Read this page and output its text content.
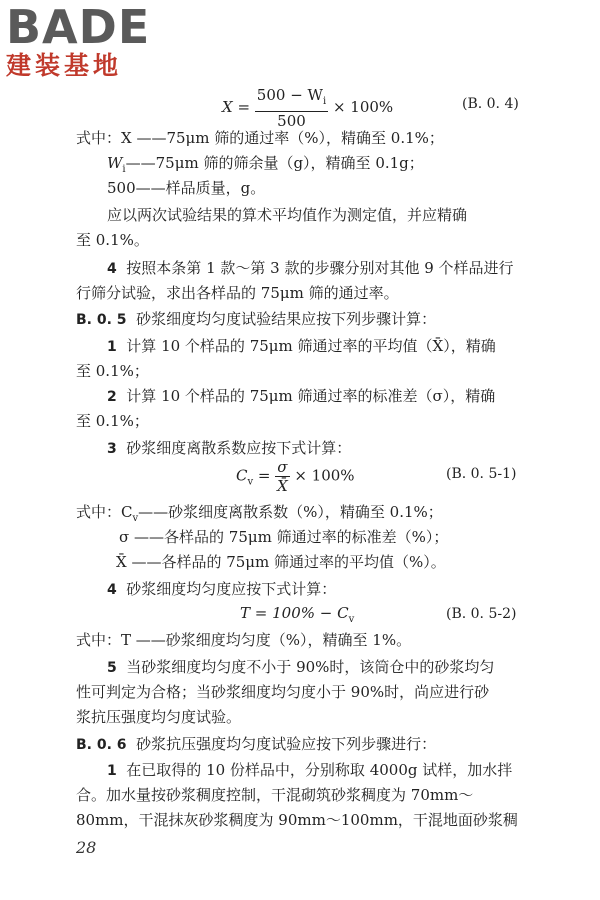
BADE
建装基地
$X = \frac{500 - W_i}{500} \times 100\%$	(B. 0. 4)
式中：X ——75μm 筛的通过率（%），精确至 0.1%；
$W_i——75\mu m$ 筛的筛余量（g），精确至 0.1g；
500——样品质量，g。
应以两次试验结果的算术平均值作为测定值，并应精确
至 0.1%。
4 按照本条第 1 款～第 3 款的步骤分别对其他 9 个样品进行
行筛分试验，求出各样品的 75μm 筛的通过率。
B. 0. 5 砂浆细度均匀度试验结果应按下列步骤计算：
1 计算 10 个样品的 75μm 筛通过率的平均值（X̄），精确
至 0.1%；
2 计算 10 个样品的 75μm 筛通过率的标准差（σ），精确
至 0.1%；
3 砂浆细度离散系数应按下式计算：
$C_v = \frac{\sigma}{X̄} \times 100\%$	(B. 0. 5-1)
式中：$C_v——$砂浆细度离散系数（%），精确至 0.1%；
σ ——各样品的 75μm 筛通过率的标准差（%）；
X̄ ——各样品的 75μm 筛通过率的平均值（%）。
4 砂浆细度均匀度应按下式计算：
$T = 100\% - C_v$	(B. 0. 5-2)
式中：T ——砂浆细度均匀度（%），精确至 1%。
5 当砂浆细度均匀度不小于 90%时，该筒仓中的砂浆均匀
性可判定为合格；当砂浆细度均匀度小于 90%时，尚应进行砂
浆抗压强度均匀度试验。
B. 0. 6 砂浆抗压强度均匀度试验应按下列步骤进行：
1 在已取得的 10 份样品中，分别称取 4000g 试样，加水拌
合。加水量按砂浆稠度控制，干混砌筑砂浆稠度为 70mm～
80mm，干混抹灰砂浆稠度为 90mm～100mm，干混地面砂浆稠
28
